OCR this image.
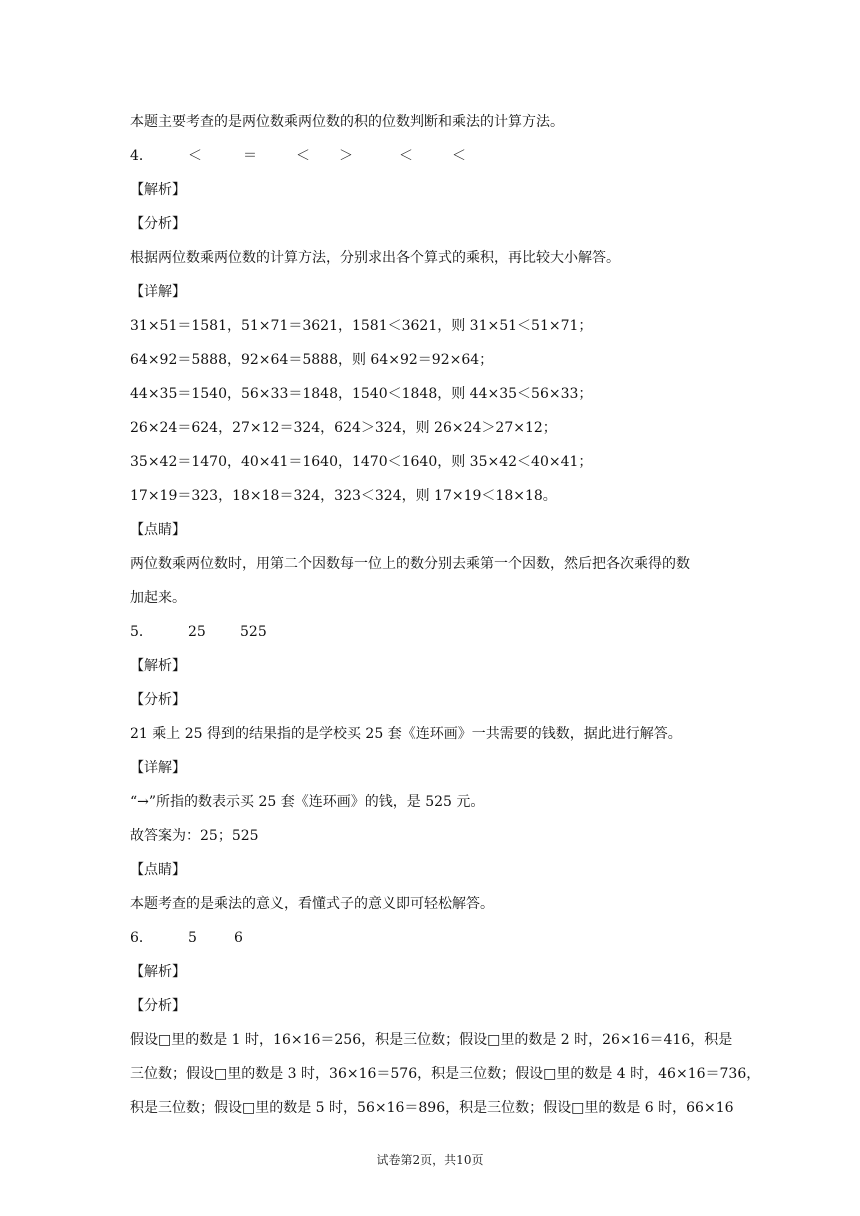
本题主要考查的是两位数乘两位数的积的位数判断和乘法的计算方法。
4．	＜	＝	＜ ＞	＜	＜
【解析】
【分析】
根据两位数乘两位数的计算方法，分别求出各个算式的乘积，再比较大小解答。
【详解】
31×51＝1581，51×71＝3621，1581＜3621，则 31×51＜51×71；
64×92＝5888，92×64＝5888，则 64×92＝92×64；
44×35＝1540，56×33＝1848，1540＜1848，则 44×35＜56×33；
26×24＝624，27×12＝324，624＞324，则 26×24＞27×12；
35×42＝1470，40×41＝1640，1470＜1640，则 35×42＜40×41；
17×19＝323，18×18＝324，323＜324，则 17×19＜18×18。
【点睛】
两位数乘两位数时，用第二个因数每一位上的数分别去乘第一个因数，然后把各次乘得的数
加起来。
5．	25 525
【解析】
【分析】
21 乘上 25 得到的结果指的是学校买 25 套《连环画》一共需要的钱数，据此进行解答。
【详解】
“→”所指的数表示买 25 套《连环画》的钱，是 525 元。
故答案为：25；525
【点睛】
本题考查的是乘法的意义，看懂式子的意义即可轻松解答。
6．	5	6
【解析】
【分析】
假设□里的数是 1 时，16×16＝256，积是三位数；假设□里的数是 2 时，26×16＝416，积是
三位数；假设□里的数是 3 时，36×16＝576，积是三位数；假设□里的数是 4 时，46×16＝736，
积是三位数；假设□里的数是 5 时，56×16＝896，积是三位数；假设□里的数是 6 时，66×16
试卷第2页，共10页
